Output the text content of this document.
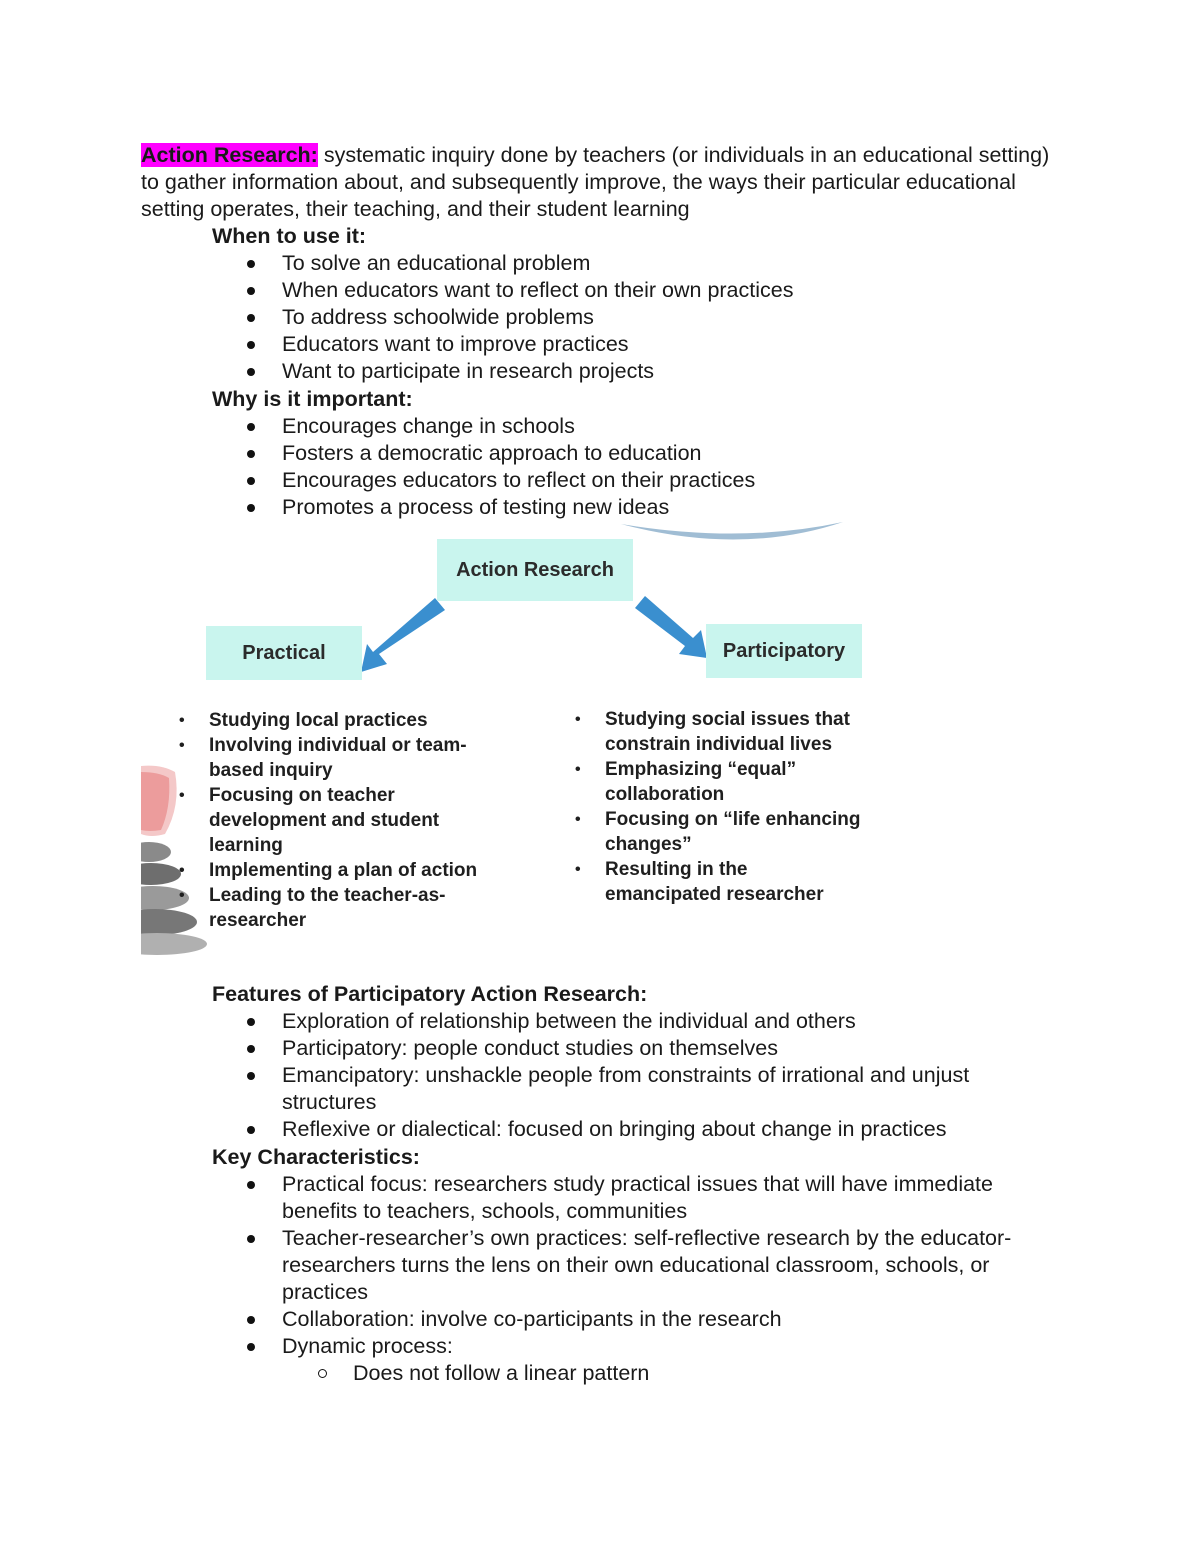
Action Research: systematic inquiry done by teachers (or individuals in an educational setting) to gather information about, and subsequently improve, the ways their particular educational setting operates, their teaching, and their student learning

When to use it:
To solve an educational problem
When educators want to reflect on their own practices
To address schoolwide problems
Educators want to improve practices
Want to participate in research projects
Why is it important:
Encourages change in schools
Fosters a democratic approach to education
Encourages educators to reflect on their practices
Promotes a process of testing new ideas
Action Research
Practical	Participatory
• Studying local practices
• Involving individual or team-based inquiry
• Focusing on teacher development and student learning
• Implementing a plan of action
• Leading to the teacher-as-researcher
• Studying social issues that constrain individual lives
• Emphasizing “equal” collaboration
• Focusing on “life enhancing changes”
• Resulting in the emancipated researcher
Features of Participatory Action Research:
Exploration of relationship between the individual and others
Participatory: people conduct studies on themselves
Emancipatory: unshackle people from constraints of irrational and unjust structures
Reflexive or dialectical: focused on bringing about change in practices
Key Characteristics:
Practical focus: researchers study practical issues that will have immediate benefits to teachers, schools, communities
Teacher-researcher’s own practices: self-reflective research by the educator-researchers turns the lens on their own educational classroom, schools, or practices
Collaboration: involve co-participants in the research
Dynamic process:
Does not follow a linear pattern
